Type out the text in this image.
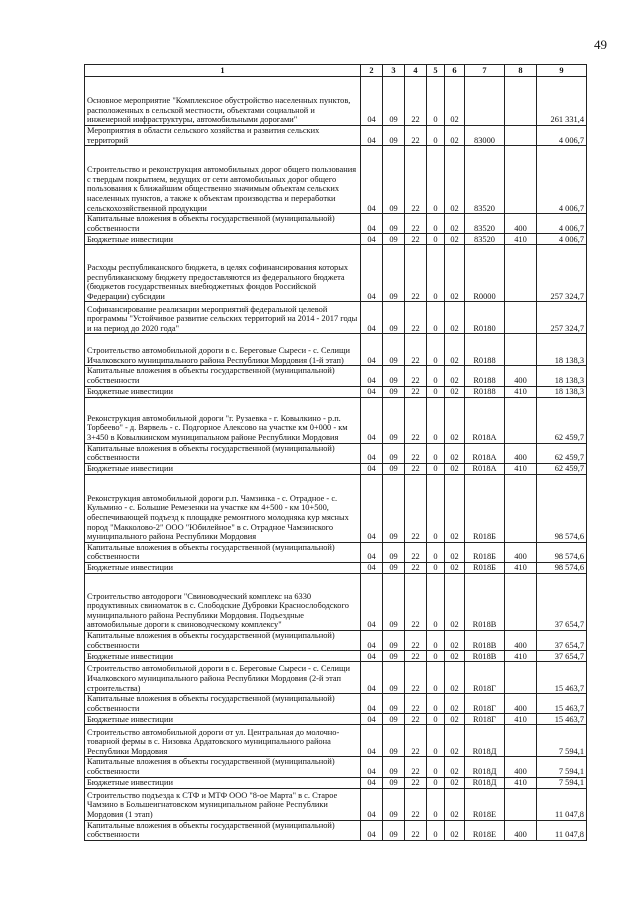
49
1	2	3	4	5	6	7	8	9
Основное мероприятие "Комплексное обустройство населенных пунктов, расположенных в сельской местности, объектами социальной и инженерной инфраструктуры, автомобильными дорогами"	04	09	22	0	02			261 331,4
Мероприятия в области сельского хозяйства и развития сельских территорий	04	09	22	0	02	83000		4 006,7
Строительство и реконструкция автомобильных дорог общего пользования с твердым покрытием, ведущих от сети автомобильных дорог общего пользования к ближайшим общественно значимым объектам сельских населенных пунктов, а также к объектам производства и переработки сельскохозяйственной продукции	04	09	22	0	02	83520		4 006,7
Капитальные вложения в объекты государственной (муниципальной) собственности	04	09	22	0	02	83520	400	4 006,7
Бюджетные инвестиции	04	09	22	0	02	83520	410	4 006,7
Расходы республиканского бюджета, в целях софинансирования которых республиканскому бюджету предоставляются из федерального бюджета (бюджетов государственных внебюджетных фондов Российской Федерации) субсидии	04	09	22	0	02	R0000		257 324,7
Софинансирование реализации мероприятий федеральной целевой программы "Устойчивое развитие сельских территорий на 2014 - 2017 годы и на период до 2020 года"	04	09	22	0	02	R0180		257 324,7
Строительство автомобильной дороги в с. Береговые Сыреси - с. Селищи Ичалковского муниципального района Республики Мордовия (1-й этап)	04	09	22	0	02	R0188		18 138,3
Капитальные вложения в объекты государственной (муниципальной) собственности	04	09	22	0	02	R0188	400	18 138,3
Бюджетные инвестиции	04	09	22	0	02	R0188	410	18 138,3
Реконструкция автомобильной дороги "г. Рузаевка - г. Ковылкино - р.п. Торбеево" - д. Вярвель - с. Подгорное Алексово на участке км 0+000 - км 3+450 в Ковылкинском муниципальном районе Республики Мордовия	04	09	22	0	02	R018А		62 459,7
Капитальные вложения в объекты государственной (муниципальной) собственности	04	09	22	0	02	R018А	400	62 459,7
Бюджетные инвестиции	04	09	22	0	02	R018А	410	62 459,7
Реконструкция автомобильной дороги р.п. Чамзинка - с. Отрадное - с. Кульмино - с. Большие Ремезенки на участке км 4+500 - км 10+500, обеспечивающей подъезд к площадке ремонтного молодняка кур мясных пород "Макколово-2" ООО "Юбилейное" в с. Отрадное Чамзинского муниципального района Республики Мордовия	04	09	22	0	02	R018Б		98 574,6
Капитальные вложения в объекты государственной (муниципальной) собственности	04	09	22	0	02	R018Б	400	98 574,6
Бюджетные инвестиции	04	09	22	0	02	R018Б	410	98 574,6
Строительство автодороги "Свиноводческий комплекс на 6330 продуктивных свиноматок в с. Слободские Дубровки Краснослободского муниципального района Республики Мордовия. Подъездные автомобильные дороги к свиноводческому комплексу"	04	09	22	0	02	R018В		37 654,7
Капитальные вложения в объекты государственной (муниципальной) собственности	04	09	22	0	02	R018В	400	37 654,7
Бюджетные инвестиции	04	09	22	0	02	R018В	410	37 654,7
Строительство автомобильной дороги в с. Береговые Сыреси - с. Селищи Ичалковского муниципального района Республики Мордовия (2-й этап строительства)	04	09	22	0	02	R018Г		15 463,7
Капитальные вложения в объекты государственной (муниципальной) собственности	04	09	22	0	02	R018Г	400	15 463,7
Бюджетные инвестиции	04	09	22	0	02	R018Г	410	15 463,7
Строительство автомобильной дороги от ул. Центральная до молочно-товарной фермы в с. Низовка Ардатовского муниципального района Республики Мордовия	04	09	22	0	02	R018Д		7 594,1
Капитальные вложения в объекты государственной (муниципальной) собственности	04	09	22	0	02	R018Д	400	7 594,1
Бюджетные инвестиции	04	09	22	0	02	R018Д	410	7 594,1
Строительство подъезда к СТФ и МТФ ООО "8-ое Марта" в с. Старое Чамзино в Большеигнатовском муниципальном районе Республики Мордовия (1 этап)	04	09	22	0	02	R018Е		11 047,8
Капитальные вложения в объекты государственной (муниципальной) собственности	04	09	22	0	02	R018Е	400	11 047,8
